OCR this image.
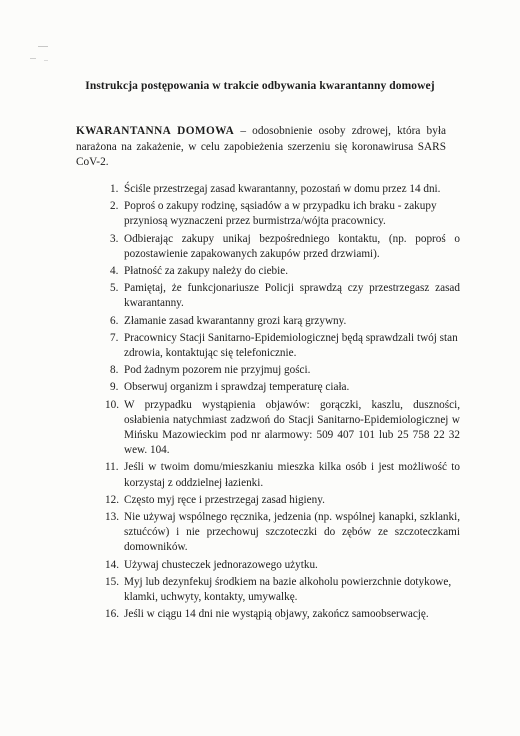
Instrukcja postępowania w trakcie odbywania kwarantanny domowej

KWARANTANNA DOMOWA – odosobnienie osoby zdrowej, która była narażona na zakażenie, w celu zapobieżenia szerzeniu się koronawirusa SARS CoV-2.

1. Ściśle przestrzegaj zasad kwarantanny, pozostań w domu przez 14 dni.
2. Poproś o zakupy rodzinę, sąsiadów a w przypadku ich braku - zakupy przyniosą wyznaczeni przez burmistrza/wójta pracownicy.
3. Odbierając zakupy unikaj bezpośredniego kontaktu, (np. poproś o pozostawienie zapakowanych zakupów przed drzwiami).
4. Płatność za zakupy należy do ciebie.
5. Pamiętaj, że funkcjonariusze Policji sprawdzą czy przestrzegasz zasad kwarantanny.
6. Złamanie zasad kwarantanny grozi karą grzywny.
7. Pracownicy Stacji Sanitarno-Epidemiologicznej będą sprawdzali twój stan zdrowia, kontaktując się telefonicznie.
8. Pod żadnym pozorem nie przyjmuj gości.
9. Obserwuj organizm i sprawdzaj temperaturę ciała.
10. W przypadku wystąpienia objawów: gorączki, kaszlu, duszności, osłabienia natychmiast zadzwoń do Stacji Sanitarno-Epidemiologicznej w Mińsku Mazowieckim pod nr alarmowy: 509 407 101 lub 25 758 22 32 wew. 104.
11. Jeśli w twoim domu/mieszkaniu mieszka kilka osób i jest możliwość to korzystaj z oddzielnej łazienki.
12. Często myj ręce i przestrzegaj zasad higieny.
13. Nie używaj wspólnego ręcznika, jedzenia (np. wspólnej kanapki, szklanki, sztućców) i nie przechowuj szczoteczki do zębów ze szczoteczkami domowników.
14. Używaj chusteczek jednorazowego użytku.
15. Myj lub dezynfekuj środkiem na bazie alkoholu powierzchnie dotykowe, klamki, uchwyty, kontakty, umywalkę.
16. Jeśli w ciągu 14 dni nie wystąpią objawy, zakończ samoobserwację.
